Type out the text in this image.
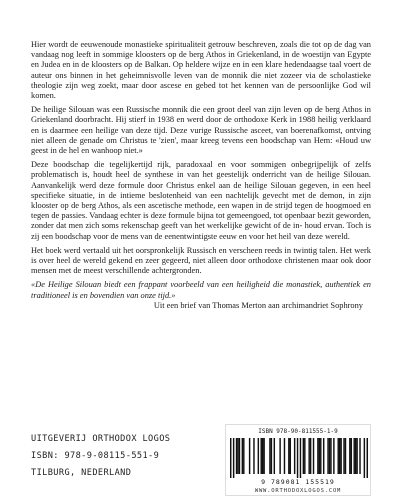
Hier wordt de eeuwenoude monastieke spiritualiteit getrouw beschreven, zoals die tot op de dag van vandaag nog leeft in sommige kloosters op de berg Athos in Griekenland, in de woestijn van Egypte en Judea en in de kloosters op de Balkan. Op heldere wijze en in een klare hedendaagse taal voert de auteur ons binnen in het geheimnisvolle leven van de monnik die niet zozeer via de scholastieke theologie zijn weg zoekt, maar door ascese en gebed tot het kennen van de persoonlijke God wil komen.

De heilige Silouan was een Russische monnik die een groot deel van zijn leven op de berg Athos in Griekenland doorbracht. Hij stierf in 1938 en werd door de orthodoxe Kerk in 1988 heilig verklaard en is daarmee een heilige van deze tijd. Deze vurige Russische asceet, van boerenafkomst, ontving niet alleen de genade om Christus te 'zien', maar kreeg tevens een boodschap van Hem: «Houd uw geest in de hel en wanhoop niet.»

Deze boodschap die tegelijkertijd rijk, paradoxaal en voor sommigen onbegrijpelijk of zelfs problematisch is, houdt heel de synthese in van het geestelijk onderricht van de heilige Silouan. Aanvankelijk werd deze formule door Christus enkel aan de heilige Silouan gegeven, in een heel specifieke situatie, in de intieme beslotenheid van een nachtelijk gevecht met de demon, in zijn klooster op de berg Athos, als een ascetische methode, een wapen in de strijd tegen de hoogmoed en tegen de passies. Vandaag echter is deze formule bijna tot gemeengoed, tot openbaar bezit geworden, zonder dat men zich soms rekenschap geeft van het werkelijke gewicht of de in- houd ervan. Toch is zij een boodschap voor de mens van de eenentwintigste eeuw en voor het heil van deze wereld.

Het boek werd vertaald uit het oorspronkelijk Russisch en verscheen reeds in twintig talen. Het werk is over heel de wereld gekend en zeer gegeerd, niet alleen door orthodoxe christenen maar ook door mensen met de meest verschillende achtergronden.

«De Heilige Silouan biedt een frappant voorbeeld van een heiligheid die monastiek, authentiek en traditioneel is en bovendien van onze tijd.»

Uit een brief van Thomas Merton aan archimandriet Sophrony

UITGEVERIJ ORTHODOX LOGOS
ISBN: 978-9-08115-551-9
TILBURG, NEDERLAND
ISBN 978-90-811555-1-9
9 789081 155519
WWW.ORTHODOXLOGOS.COM
